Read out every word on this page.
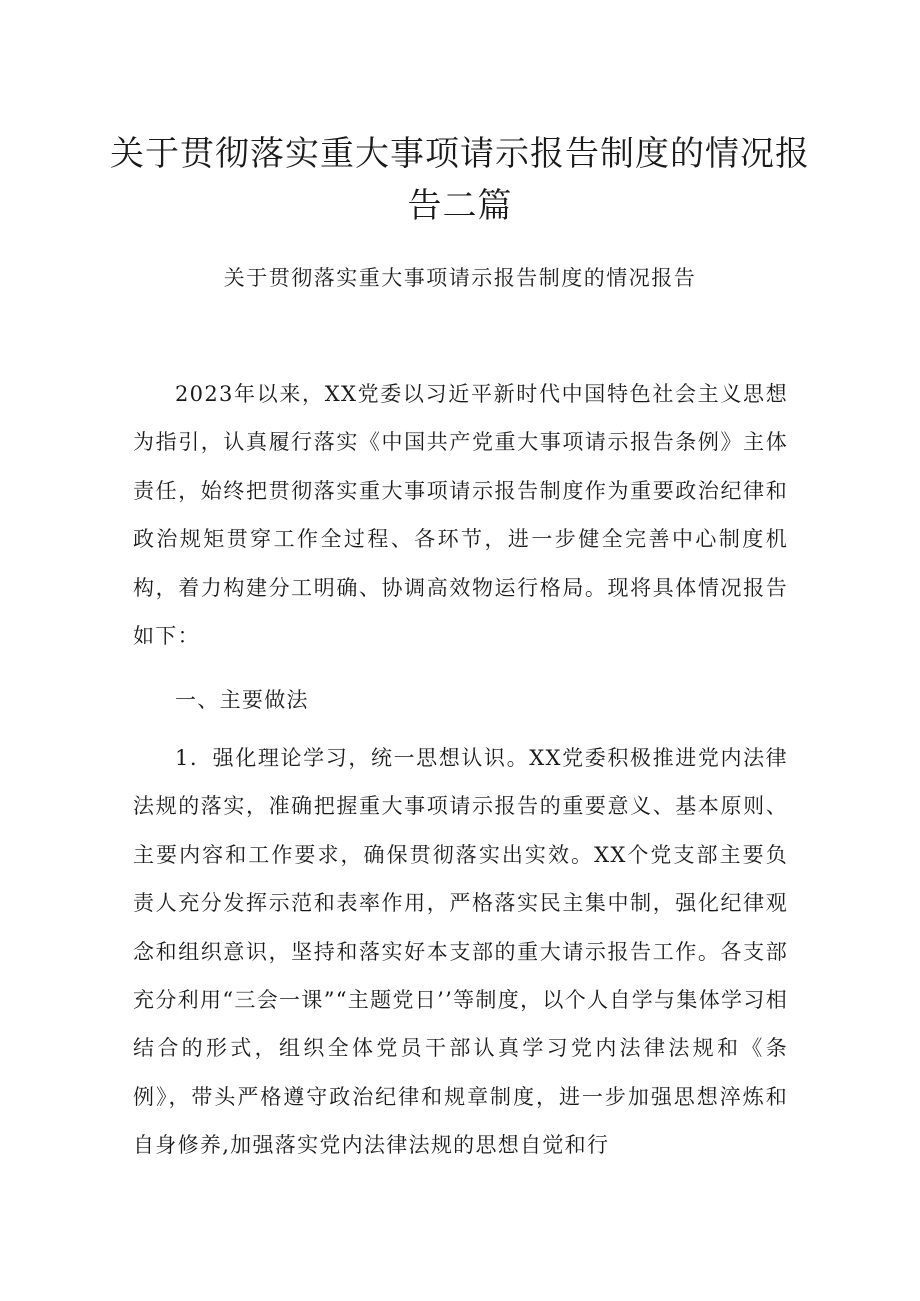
关于贯彻落实重大事项请示报告制度的情况报告二篇

关于贯彻落实重大事项请示报告制度的情况报告

2023年以来，XX党委以习近平新时代中国特色社会主义思想为指引，认真履行落实《中国共产党重大事项请示报告条例》主体责任，始终把贯彻落实重大事项请示报告制度作为重要政治纪律和政治规矩贯穿工作全过程、各环节，进一步健全完善中心制度机构，着力构建分工明确、协调高效物运行格局。现将具体情况报告如下：

一、主要做法

1．强化理论学习，统一思想认识。XX党委积极推进党内法律法规的落实，准确把握重大事项请示报告的重要意义、基本原则、主要内容和工作要求，确保贯彻落实出实效。XX个党支部主要负责人充分发挥示范和表率作用，严格落实民主集中制，强化纪律观念和组织意识，坚持和落实好本支部的重大请示报告工作。各支部充分利用“三会一课”“主题党日’’等制度，以个人自学与集体学习相结合的形式，组织全体党员干部认真学习党内法律法规和《条例》，带头严格遵守政治纪律和规章制度，进一步加强思想淬炼和自身修养,加强落实党内法律法规的思想自觉和行
